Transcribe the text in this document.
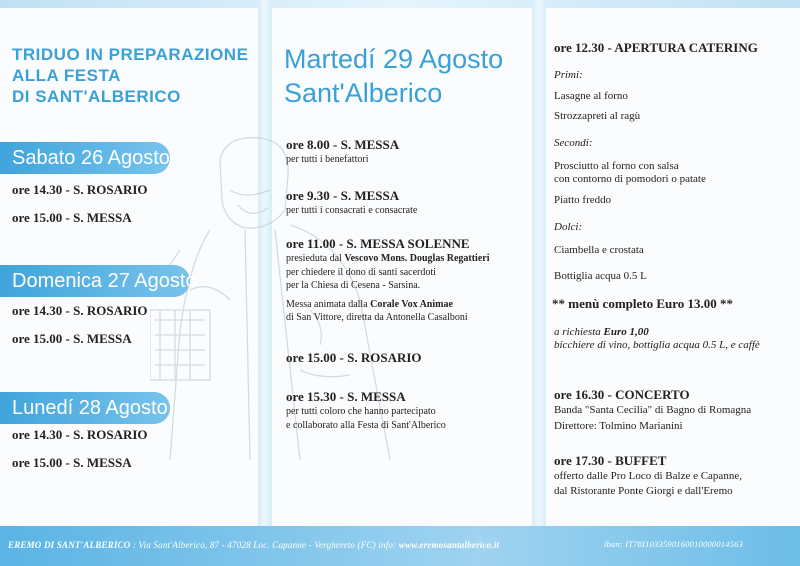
TRIDUO IN PREPARAZIONE
ALLA FESTA
DI SANT'ALBERICO
Sabato 26 Agosto
ore 14.30 - S. ROSARIO
ore 15.00 - S. MESSA
Domenica 27 Agosto
ore 14.30 - S. ROSARIO
ore 15.00 - S. MESSA
Lunedí 28 Agosto
ore 14.30 - S. ROSARIO
ore 15.00 - S. MESSA
Martedí 29 Agosto
Sant'Alberico
ore 8.00 - S. MESSA
per tutti i benefattori
ore 9.30 - S. MESSA
per tutti i consacrati e consacrate
ore 11.00 - S. MESSA SOLENNE
presieduta dal Vescovo Mons. Douglas Regattieri
per chiedere il dono di santi sacerdoti
per la Chiesa di Cesena - Sarsina.
Messa animata dalla Corale Vox Animae
di San Vittore, diretta da Antonella Casalboni
ore 15.00 - S. ROSARIO
ore 15.30 - S. MESSA
per tutti coloro che hanno partecipato
e collaborato alla Festa di Sant'Alberico
ore 12.30 - APERTURA CATERING
Primi:
Lasagne al forno
Strozzapreti al ragù
Secondi:
Prosciutto al forno con salsa
con contorno di pomodori o patate
Piatto freddo
Dolci:
Ciambella e crostata
Bottiglia acqua 0.5 L
** menù completo Euro 13.00 **
a richiesta Euro 1,00
bicchiere di vino, bottiglia acqua 0.5 L, e caffè
ore 16.30 - CONCERTO
Banda "Santa Cecilia" di Bagno di Romagna
Direttore: Tolmino Marianini
ore 17.30 - BUFFET
offerto dalle Pro Loco di Balze e Capanne,
dal Ristorante Ponte Giorgi e dall'Eremo
EREMO DI SANT'ALBERICO : Via Sant'Alberico, 87 - 47028 Loc. Capanne - Verghereto (FC) info: www.eremosantalberico.it	iban: IT78I1033590160010000014563
